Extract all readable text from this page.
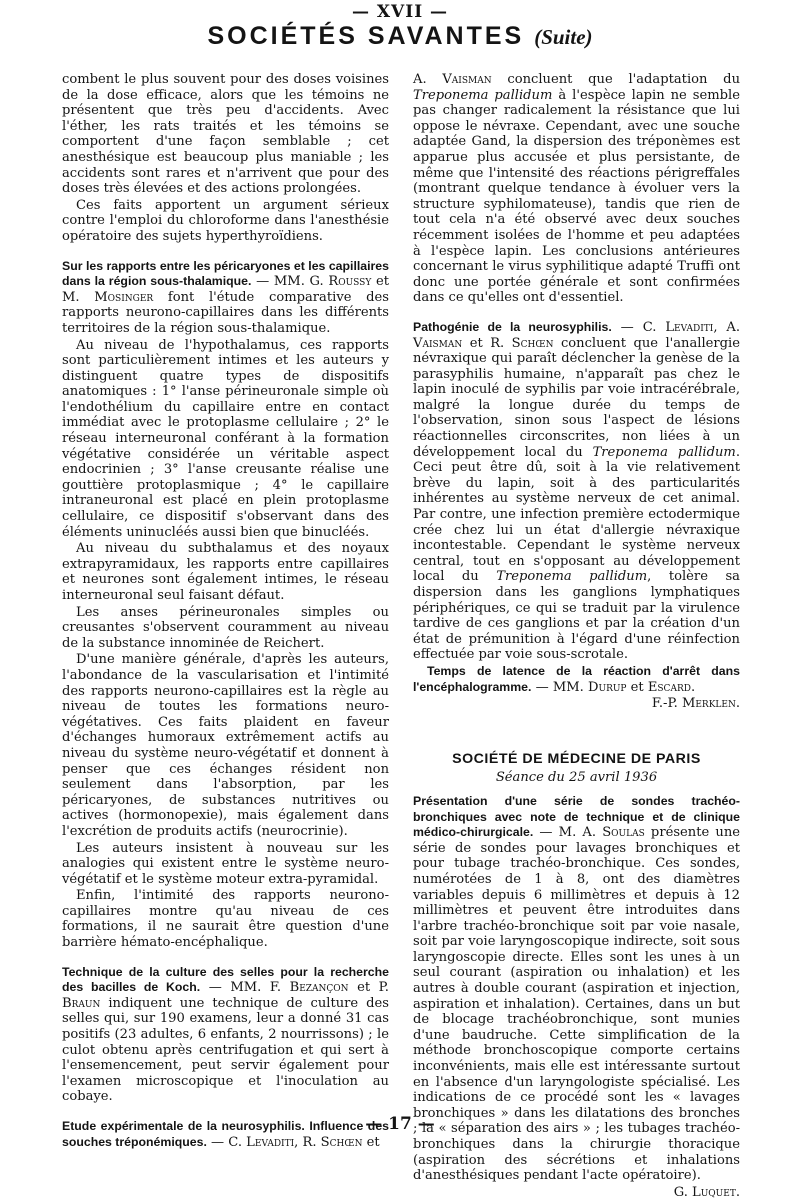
— XVII —
SOCIÉTÉS SAVANTES (Suite)

combent le plus souvent pour des doses voisines de la dose efficace, alors que les témoins ne présentent que très peu d'accidents. Avec l'éther, les rats traités et les témoins se comportent d'une façon semblable ; cet anesthésique est beaucoup plus maniable ; les accidents sont rares et n'arrivent que pour des doses très élevées et des actions prolongées.

Ces faits apportent un argument sérieux contre l'emploi du chloroforme dans l'anesthésie opératoire des sujets hyperthyroïdiens.

Sur les rapports entre les péricaryones et les capillaires dans la région sous-thalamique. — MM. G. Roussy et M. Mosinger font l'étude comparative des rapports neurono-capillaires dans les différents territoires de la région sous-thalamique.

Au niveau de l'hypothalamus, ces rapports sont particulièrement intimes et les auteurs y distinguent quatre types de dispositifs anatomiques : 1° l'anse périneuronale simple où l'endothélium du capillaire entre en contact immédiat avec le protoplasme cellulaire ; 2° le réseau interneuronal conférant à la formation végétative considérée un véritable aspect endocrinien ; 3° l'anse creusante réalise une gouttière protoplasmique ; 4° le capillaire intraneuronal est placé en plein protoplasme cellulaire, ce dispositif s'observant dans des éléments uninucléés aussi bien que binucléés.

Au niveau du subthalamus et des noyaux extrapyramidaux, les rapports entre capillaires et neurones sont également intimes, le réseau interneuronal seul faisant défaut.

Les anses périneuronales simples ou creusantes s'observent couramment au niveau de la substance innominée de Reichert.

D'une manière générale, d'après les auteurs, l'abondance de la vascularisation et l'intimité des rapports neurono-capillaires est la règle au niveau de toutes les formations neuro-végétatives. Ces faits plaident en faveur d'échanges humoraux extrêmement actifs au niveau du système neuro-végétatif et donnent à penser que ces échanges résident non seulement dans l'absorption, par les péricaryones, de substances nutritives ou actives (hormonopexie), mais également dans l'excrétion de produits actifs (neurocrinie).

Les auteurs insistent à nouveau sur les analogies qui existent entre le système neuro-végétatif et le système moteur extra-pyramidal.

Enfin, l'intimité des rapports neurono-capillaires montre qu'au niveau de ces formations, il ne saurait être question d'une barrière hémato-encéphalique.

Technique de la culture des selles pour la recherche des bacilles de Koch. — MM. F. Bezançon et P. Braun indiquent une technique de culture des selles qui, sur 190 examens, leur a donné 31 cas positifs (23 adultes, 6 enfants, 2 nourrissons) ; le culot obtenu après centrifugation et qui sert à l'ensemencement, peut servir également pour l'examen microscopique et l'inoculation au cobaye.

Etude expérimentale de la neurosyphilis. Influence des souches tréponémiques. — C. Levaditi, R. Schœn et

A. Vaisman concluent que l'adaptation du Treponema pallidum à l'espèce lapin ne semble pas changer radicalement la résistance que lui oppose le névraxe. Cependant, avec une souche adaptée Gand, la dispersion des tréponèmes est apparue plus accusée et plus persistante, de même que l'intensité des réactions périgreffales (montrant quelque tendance à évoluer vers la structure syphilomateuse), tandis que rien de tout cela n'a été observé avec deux souches récemment isolées de l'homme et peu adaptées à l'espèce lapin. Les conclusions antérieures concernant le virus syphilitique adapté Truffi ont donc une portée générale et sont confirmées dans ce qu'elles ont d'essentiel.

Pathogénie de la neurosyphilis. — C. Levaditi, A. Vaisman et R. Schœn concluent que l'anallergie névraxique qui paraît déclencher la genèse de la parasyphilis humaine, n'apparaît pas chez le lapin inoculé de syphilis par voie intracérébrale, malgré la longue durée du temps de l'observation, sinon sous l'aspect de lésions réactionnelles circonscrites, non liées à un développement local du Treponema pallidum. Ceci peut être dû, soit à la vie relativement brève du lapin, soit à des particularités inhérentes au système nerveux de cet animal. Par contre, une infection première ectodermique crée chez lui un état d'allergie névraxique incontestable. Cependant le système nerveux central, tout en s'opposant au développement local du Treponema pallidum, tolère sa dispersion dans les ganglions lymphatiques périphériques, ce qui se traduit par la virulence tardive de ces ganglions et par la création d'un état de prémunition à l'égard d'une réinfection effectuée par voie sous-scrotale.

Temps de latence de la réaction d'arrêt dans l'encéphalogramme. — MM. Durup et Escard.

F.-P. Merklen.

SOCIÉTÉ DE MÉDECINE DE PARIS
Séance du 25 avril 1936

Présentation d'une série de sondes trachéo-bronchiques avec note de technique et de clinique médico-chirurgicale. — M. A. Soulas présente une série de sondes pour lavages bronchiques et pour tubage trachéo-bronchique. Ces sondes, numérotées de 1 à 8, ont des diamètres variables depuis 6 millimètres et depuis à 12 millimètres et peuvent être introduites dans l'arbre trachéo-bronchique soit par voie nasale, soit par voie laryngoscopique indirecte, soit sous laryngoscopie directe. Elles sont les unes à un seul courant (aspiration ou inhalation) et les autres à double courant (aspiration et injection, aspiration et inhalation). Certaines, dans un but de blocage trachéobronchique, sont munies d'une baudruche. Cette simplification de la méthode bronchoscopique comporte certains inconvénients, mais elle est intéressante surtout en l'absence d'un laryngologiste spécialisé. Les indications de ce procédé sont les « lavages bronchiques » dans les dilatations des bronches ; la « séparation des airs » ; les tubages trachéo-bronchiques dans la chirurgie thoracique (aspiration des sécrétions et inhalations d'anesthésiques pendant l'acte opératoire).

G. Luquet.

— 17 —
